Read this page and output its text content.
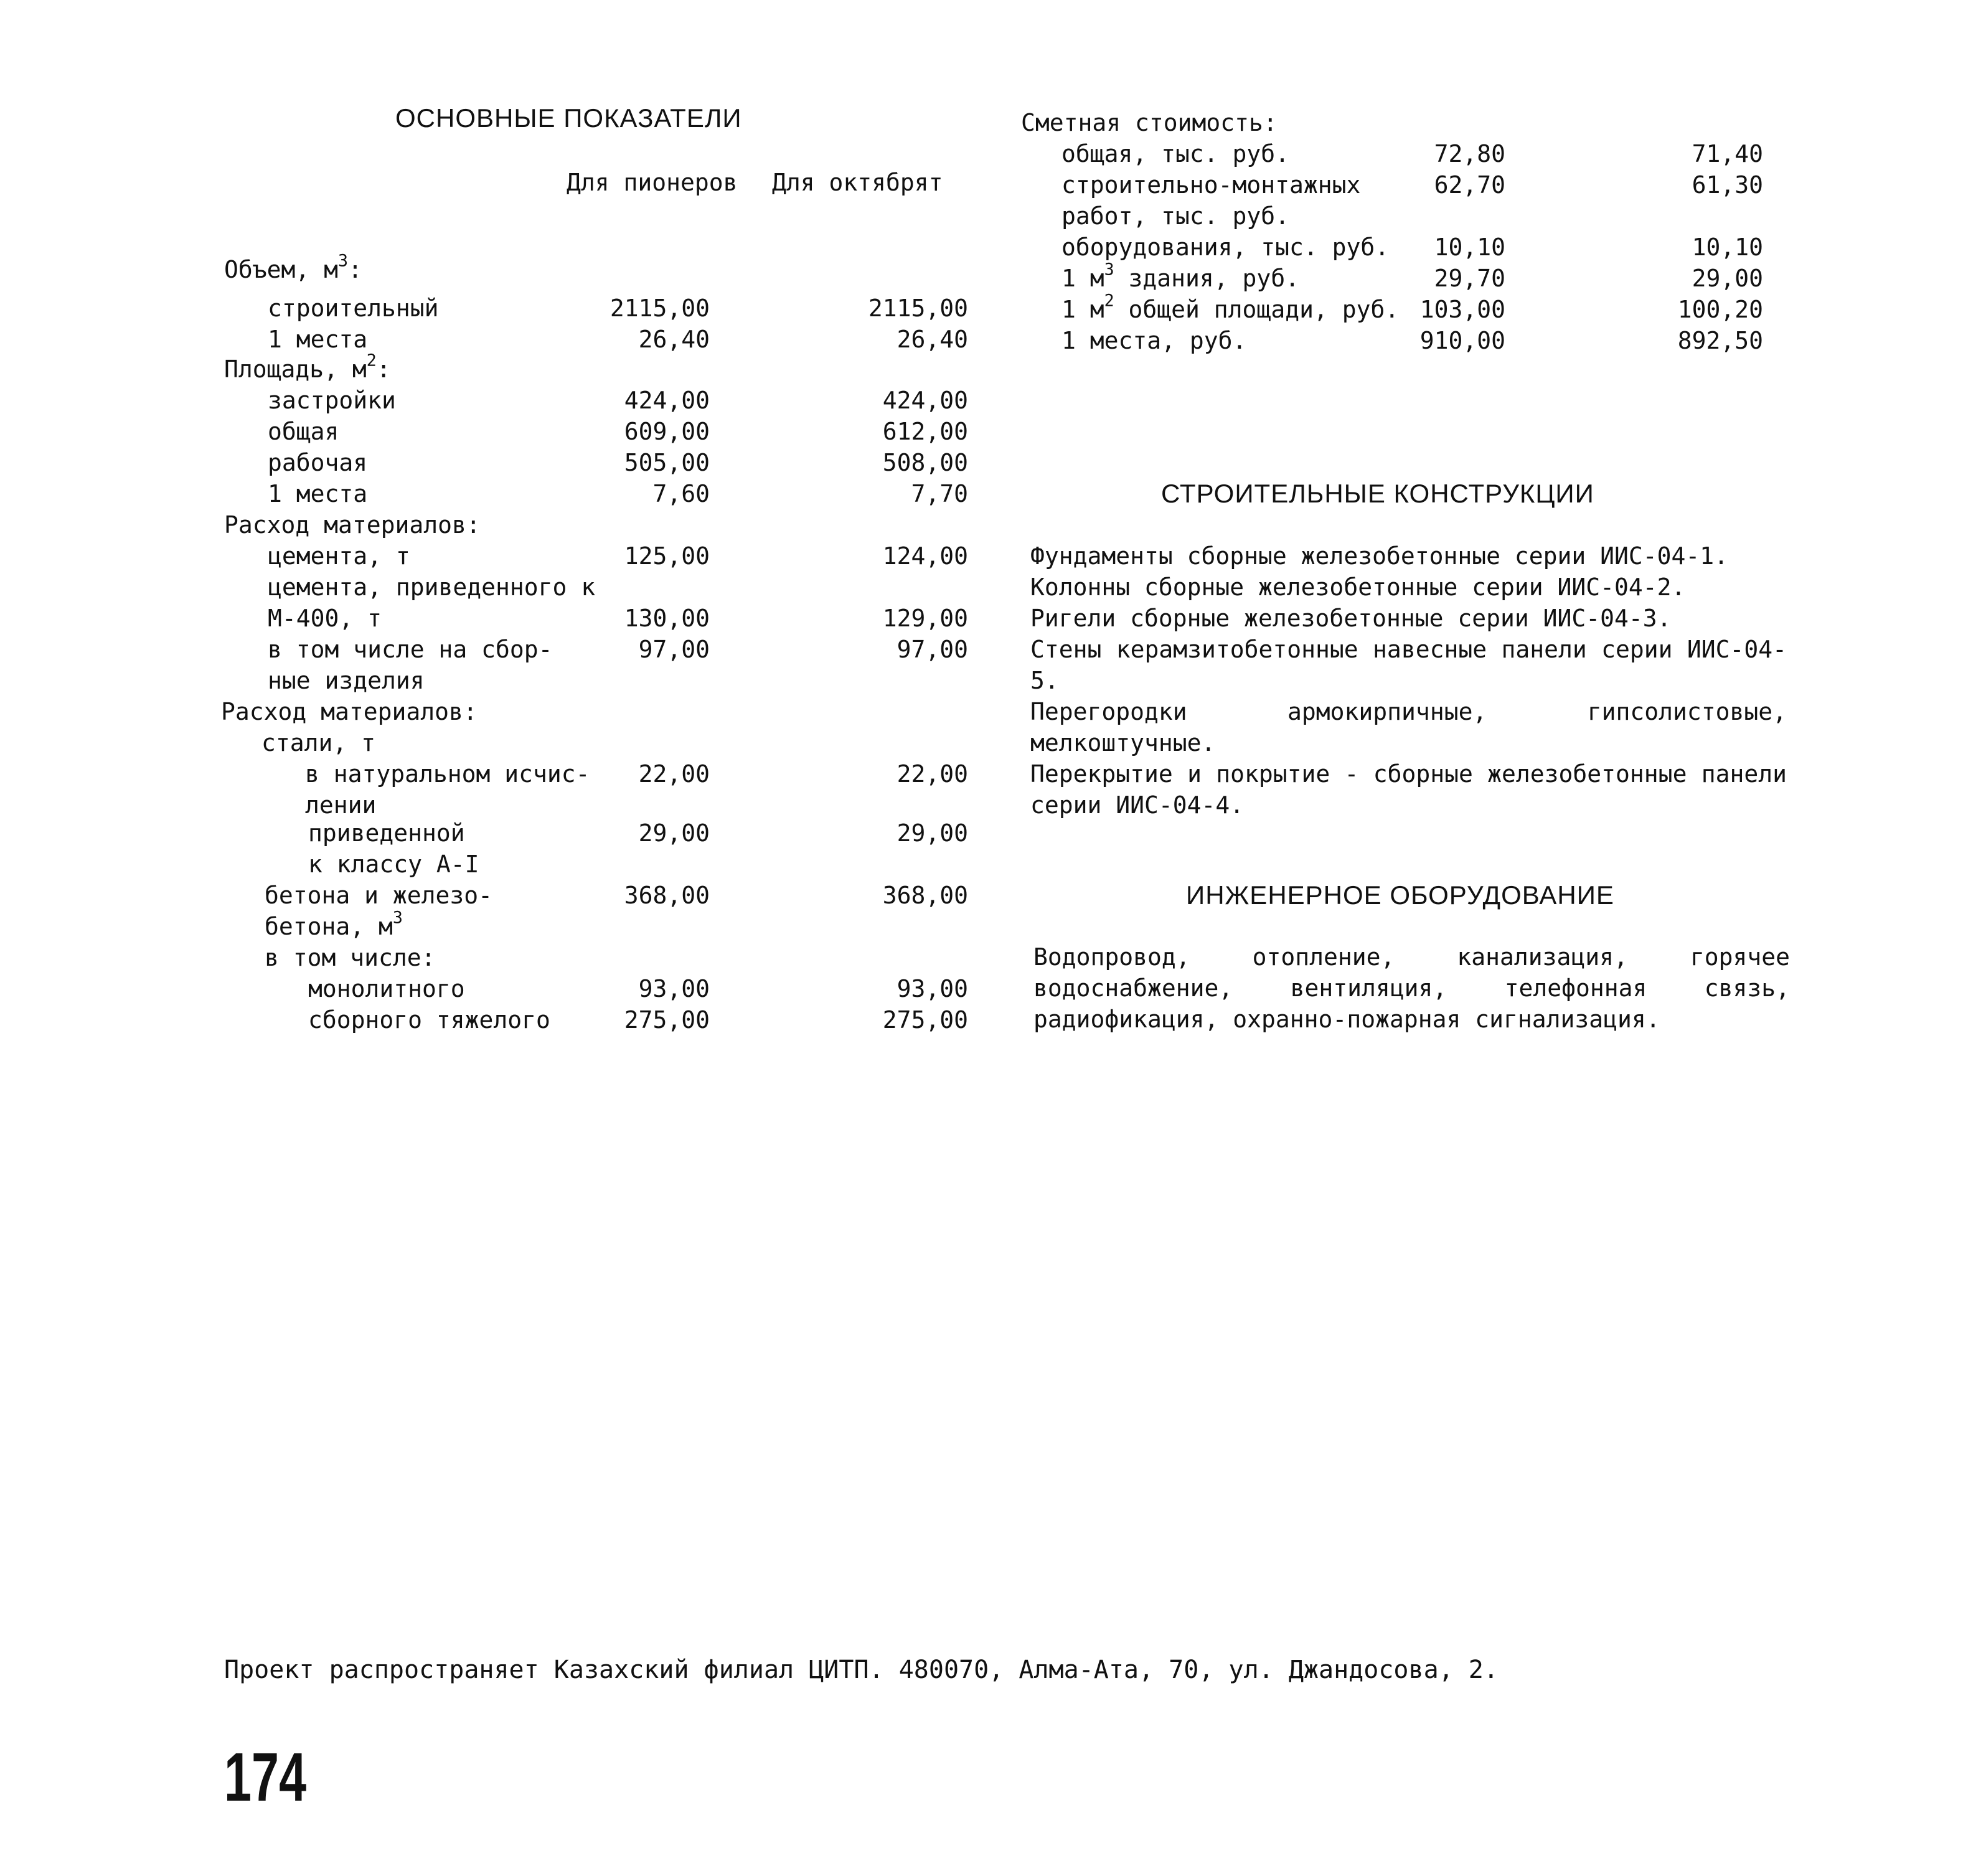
ОСНОВНЫЕ ПОКАЗАТЕЛИ
Для пионеров Для октябрят
Объем, $м^3$:
строительный	2115,00	2115,00
1 места	26,40	26,40
Площадь, $м^2$:
застройки	424,00	424,00
общая	609,00	612,00
рабочая	505,00	508,00
1 места	7,60	7,70
Расход материалов:
цемента, т	125,00	124,00
цемента, приведенного к
М-400, т	130,00	129,00
в том числе на сбор-	97,00	97,00
ные изделия
Расход материалов:
стали, т
в натуральном исчис-	22,00	22,00
лении
приведенной	29,00	29,00
к классу А-I
бетона и железо-	368,00	368,00
бетона, $м^3$
в том числе:
монолитного	93,00	93,00
сборного тяжелого	275,00	275,00
Сметная стоимость:
общая, тыс. руб.	72,80	71,40
строительно-монтажных	62,70	61,30
работ, тыс. руб.
оборудования, тыс. руб.	10,10	10,10
1 $м^3$ здания, руб.	29,70	29,00
1 $м^2$ общей площади, руб. 103,00	100,20
1 места, руб.	910,00	892,50
СТРОИТЕЛЬНЫЕ КОНСТРУКЦИИ
Фундаменты сборные железобетонные серии ИИС-04-1.
Колонны сборные железобетонные серии ИИС-04-2.
Ригели сборные железобетонные серии ИИС-04-3.
Стены керамзитобетонные навесные панели серии ИИС-04-5.
Перегородки армокирпичные, гипсолистовые, мелкоштучные.
Перекрытие и покрытие - сборные железобетонные панели серии ИИС-04-4.
ИНЖЕНЕРНОЕ ОБОРУДОВАНИЕ
Водопровод, отопление, канализация, горячее водоснабжение, вентиляция, телефонная связь, радиофикация, охранно-пожарная сигнализация.
Проект распространяет Казахский филиал ЦИТП. 480070, Алма-Ата, 70, ул. Джандосова, 2.
174
